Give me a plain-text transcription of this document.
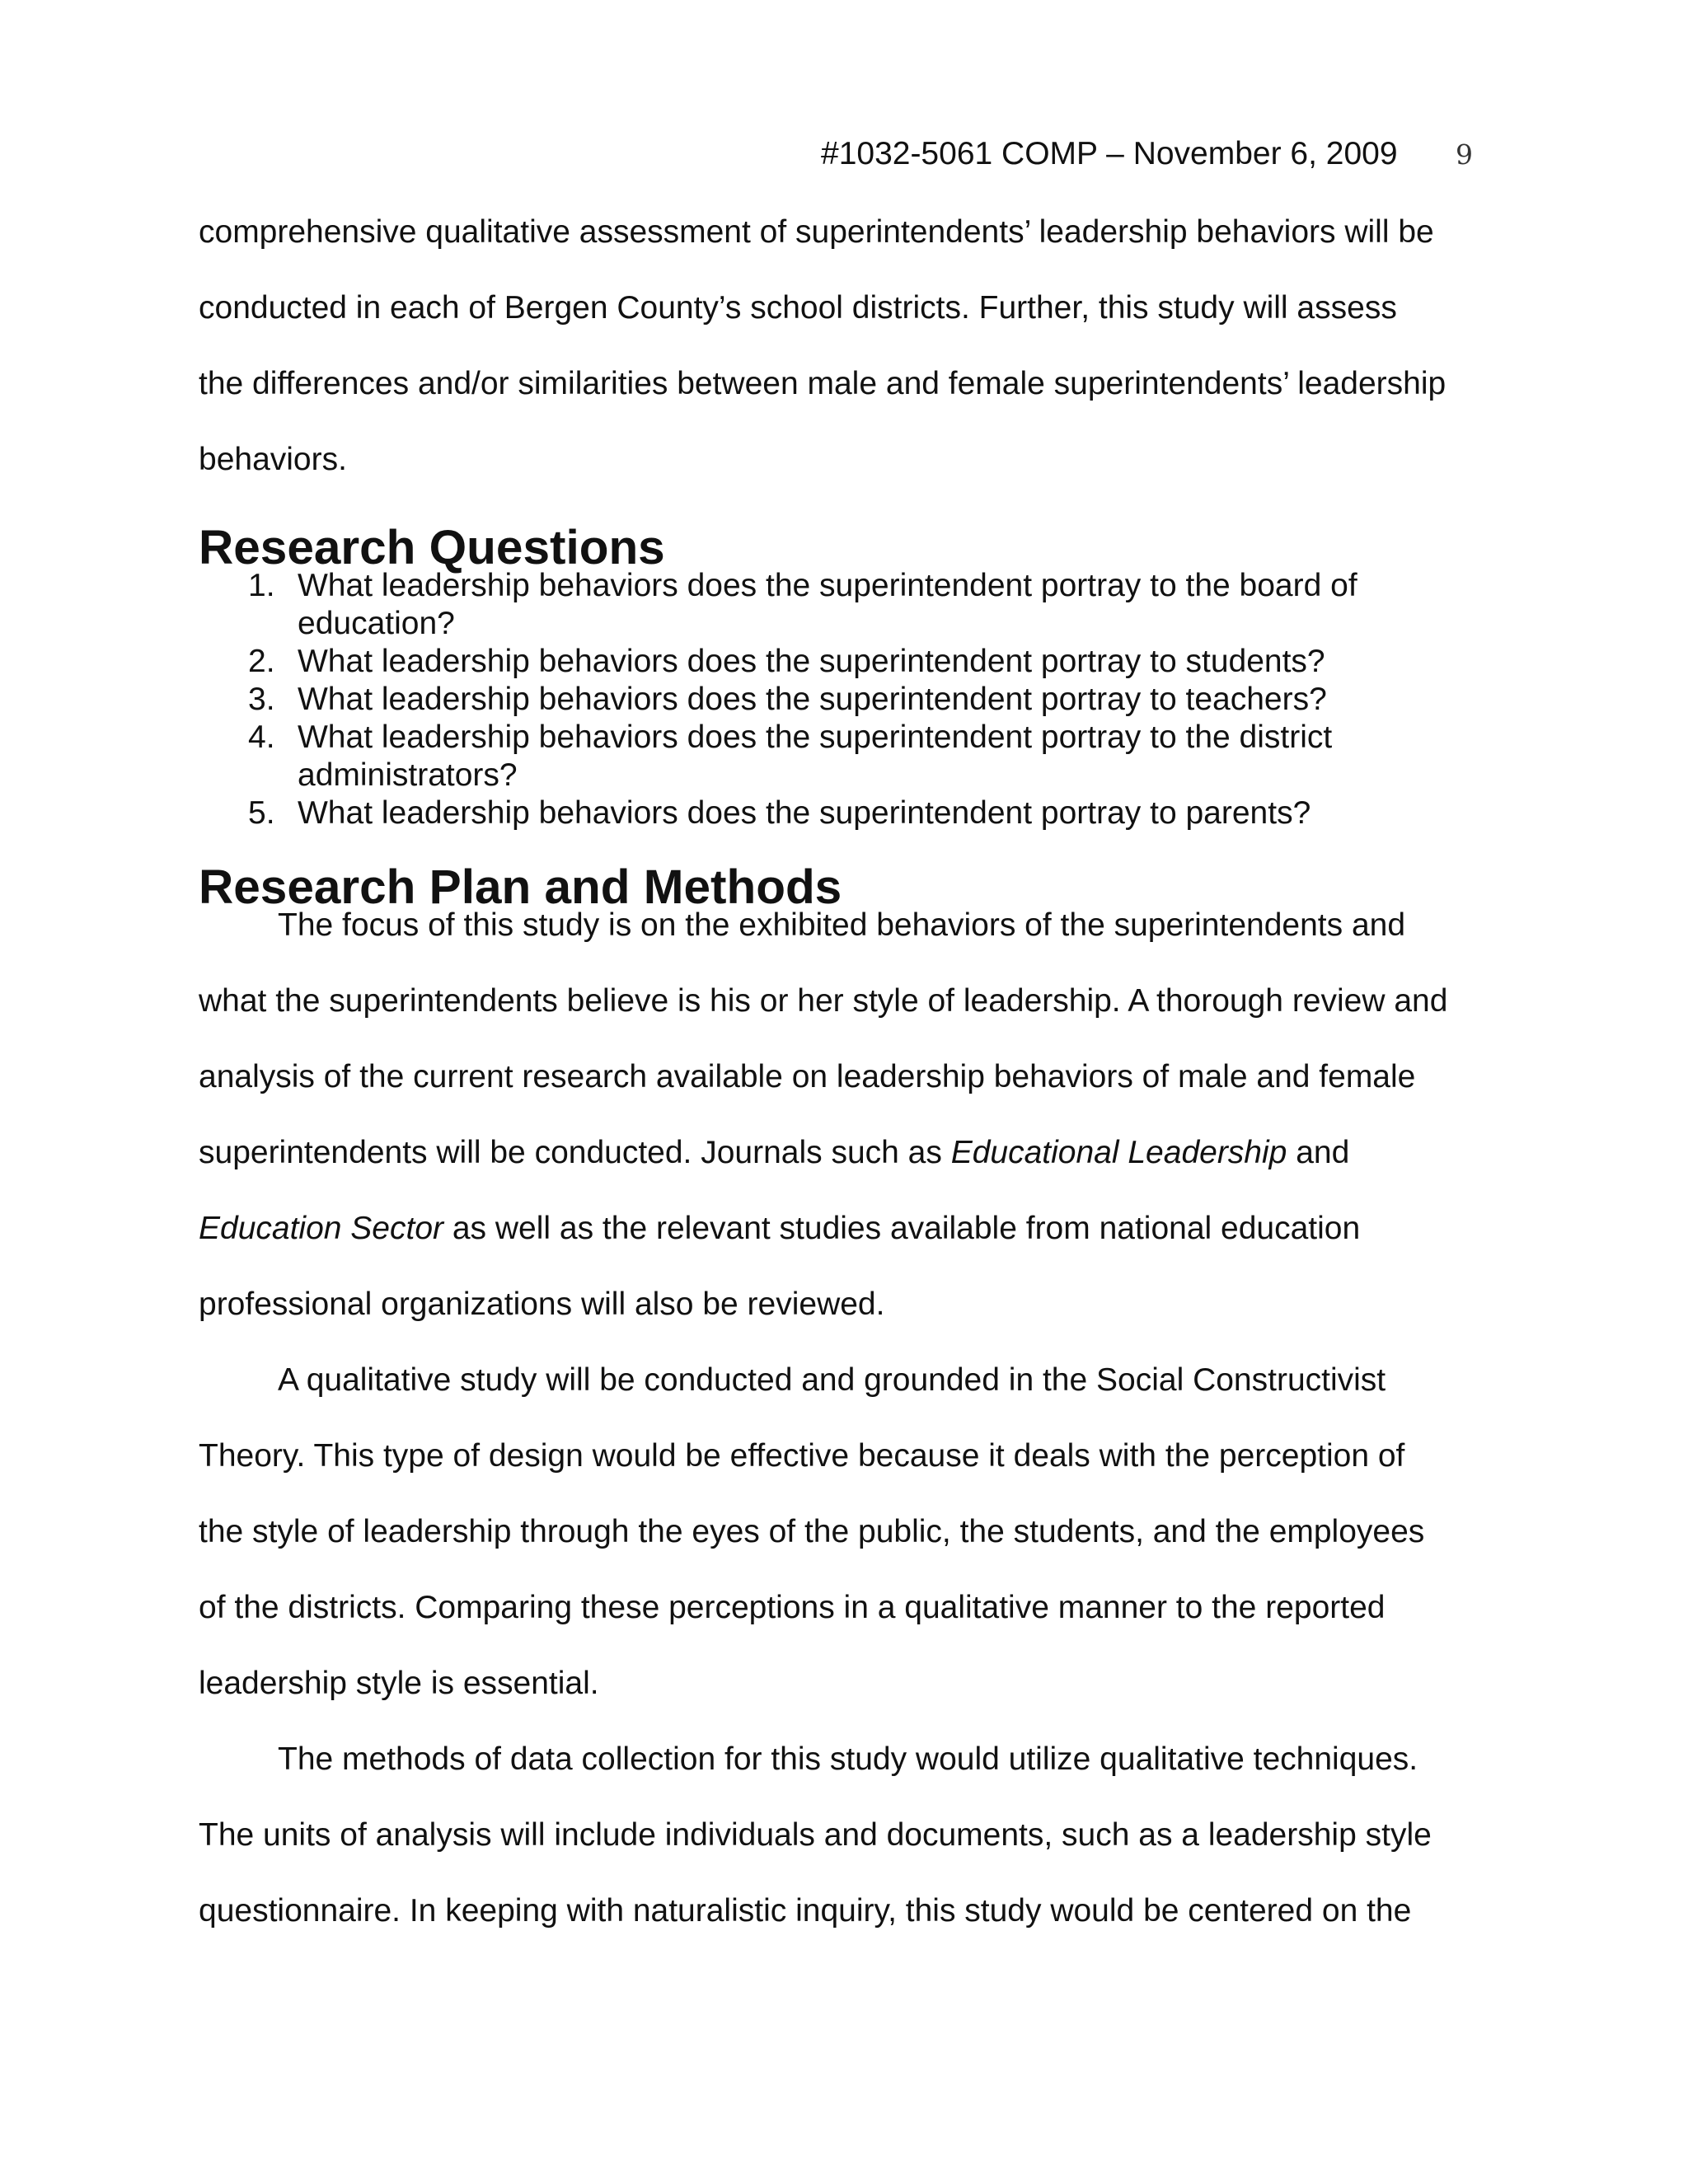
#1032-5061 COMP – November 6, 2009 9

comprehensive qualitative assessment of superintendents’ leadership behaviors will be

conducted in each of Bergen County’s school districts. Further, this study will assess

the differences and/or similarities between male and female superintendents’ leadership

behaviors.

Research Questions
1. What leadership behaviors does the superintendent portray to the board of
education?
2. What leadership behaviors does the superintendent portray to students?
3. What leadership behaviors does the superintendent portray to teachers?
4. What leadership behaviors does the superintendent portray to the district
administrators?
5. What leadership behaviors does the superintendent portray to parents?
Research Plan and Methods

The focus of this study is on the exhibited behaviors of the superintendents and

what the superintendents believe is his or her style of leadership. A thorough review and

analysis of the current research available on leadership behaviors of male and female

superintendents will be conducted. Journals such as Educational Leadership and

Education Sector as well as the relevant studies available from national education

professional organizations will also be reviewed.

A qualitative study will be conducted and grounded in the Social Constructivist

Theory. This type of design would be effective because it deals with the perception of

the style of leadership through the eyes of the public, the students, and the employees

of the districts. Comparing these perceptions in a qualitative manner to the reported

leadership style is essential.

The methods of data collection for this study would utilize qualitative techniques.

The units of analysis will include individuals and documents, such as a leadership style

questionnaire. In keeping with naturalistic inquiry, this study would be centered on the
